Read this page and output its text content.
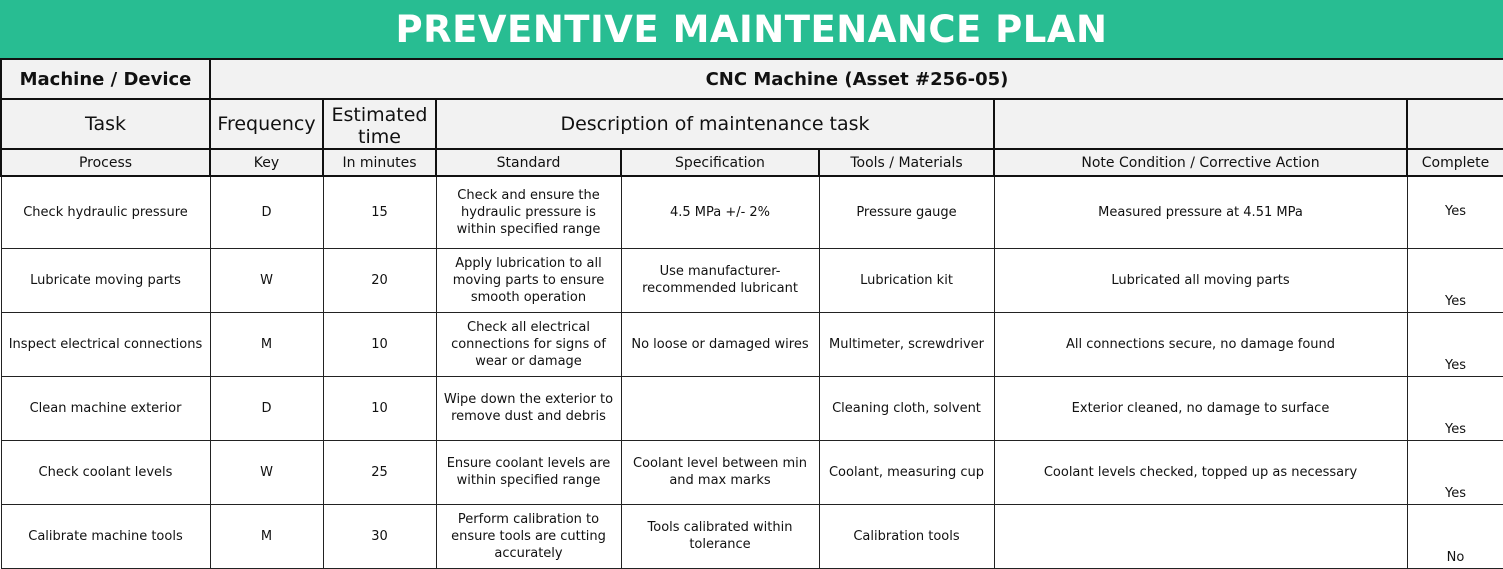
PREVENTIVE MAINTENANCE PLAN
Machine / Device	CNC Machine (Asset #256-05)						
Task	Frequency	Estimated time	Description of maintenance task				
Process	Key	In minutes	Standard	Specification	Tools / Materials	Note Condition / Corrective Action	Complete
Check hydraulic pressure	D	15	Check and ensure the hydraulic pressure is within specified range	4.5 MPa +/- 2%	Pressure gauge	Measured pressure at 4.51 MPa	Yes
Lubricate moving parts	W	20	Apply lubrication to all moving parts to ensure smooth operation	Use manufacturer-recommended lubricant	Lubrication kit	Lubricated all moving parts	Yes
Inspect electrical connections	M	10	Check all electrical connections for signs of wear or damage	No loose or damaged wires	Multimeter, screwdriver	All connections secure, no damage found	Yes
Clean machine exterior	D	10	Wipe down the exterior to remove dust and debris		Cleaning cloth, solvent	Exterior cleaned, no damage to surface	Yes
Check coolant levels	W	25	Ensure coolant levels are within specified range	Coolant level between min and max marks	Coolant, measuring cup	Coolant levels checked, topped up as necessary	Yes
Calibrate machine tools	M	30	Perform calibration to ensure tools are cutting accurately	Tools calibrated within tolerance	Calibration tools		No
